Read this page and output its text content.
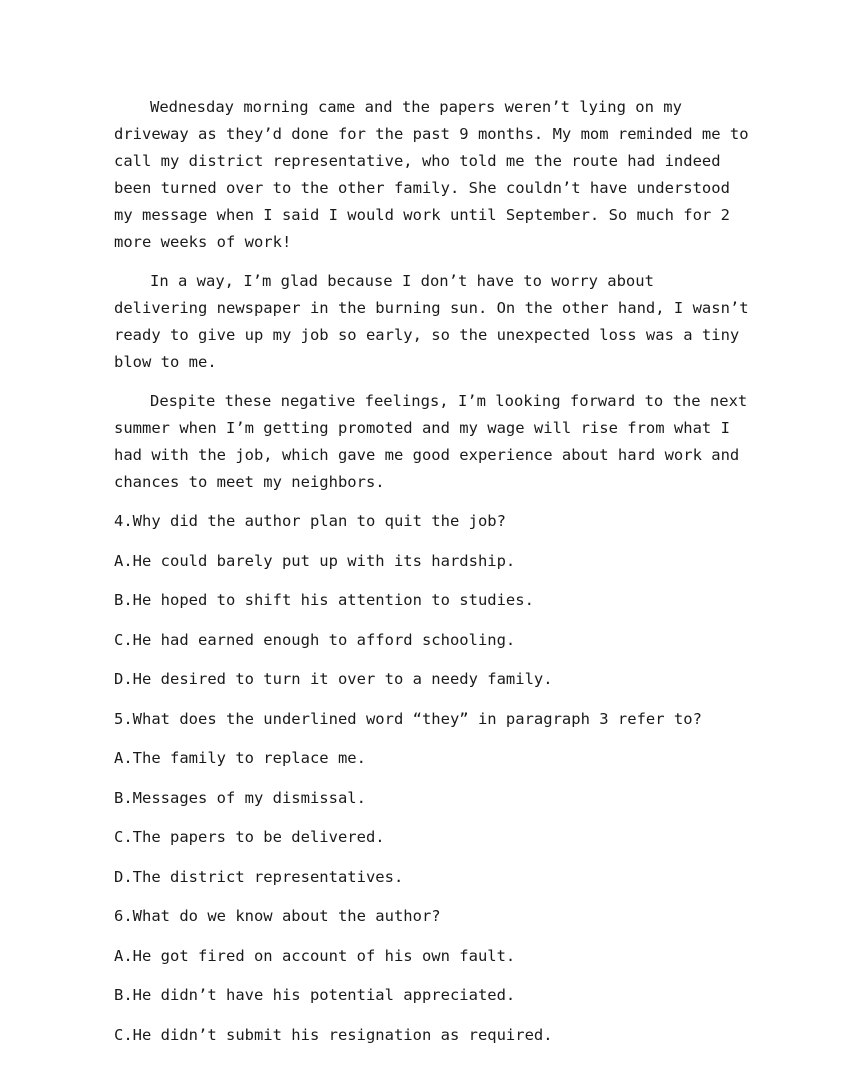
Wednesday morning came and the papers weren’t lying on my driveway as they’d done for the past 9 months. My mom reminded me to call my district representative, who told me the route had indeed been turned over to the other family. She couldn’t have understood my message when I said I would work until September. So much for 2 more weeks of work!

In a way, I’m glad because I don’t have to worry about delivering newspaper in the burning sun. On the other hand, I wasn’t ready to give up my job so early, so the unexpected loss was a tiny blow to me.

Despite these negative feelings, I’m looking forward to the next summer when I’m getting promoted and my wage will rise from what I had with the job, which gave me good experience about hard work and chances to meet my neighbors.

4.Why did the author plan to quit the job?

A.He could barely put up with its hardship.

B.He hoped to shift his attention to studies.

C.He had earned enough to afford schooling.

D.He desired to turn it over to a needy family.

5.What does the underlined word “they” in paragraph 3 refer to?

A.The family to replace me.

B.Messages of my dismissal.

C.The papers to be delivered.

D.The district representatives.

6.What do we know about the author?

A.He got fired on account of his own fault.

B.He didn’t have his potential appreciated.

C.He didn’t submit his resignation as required.
